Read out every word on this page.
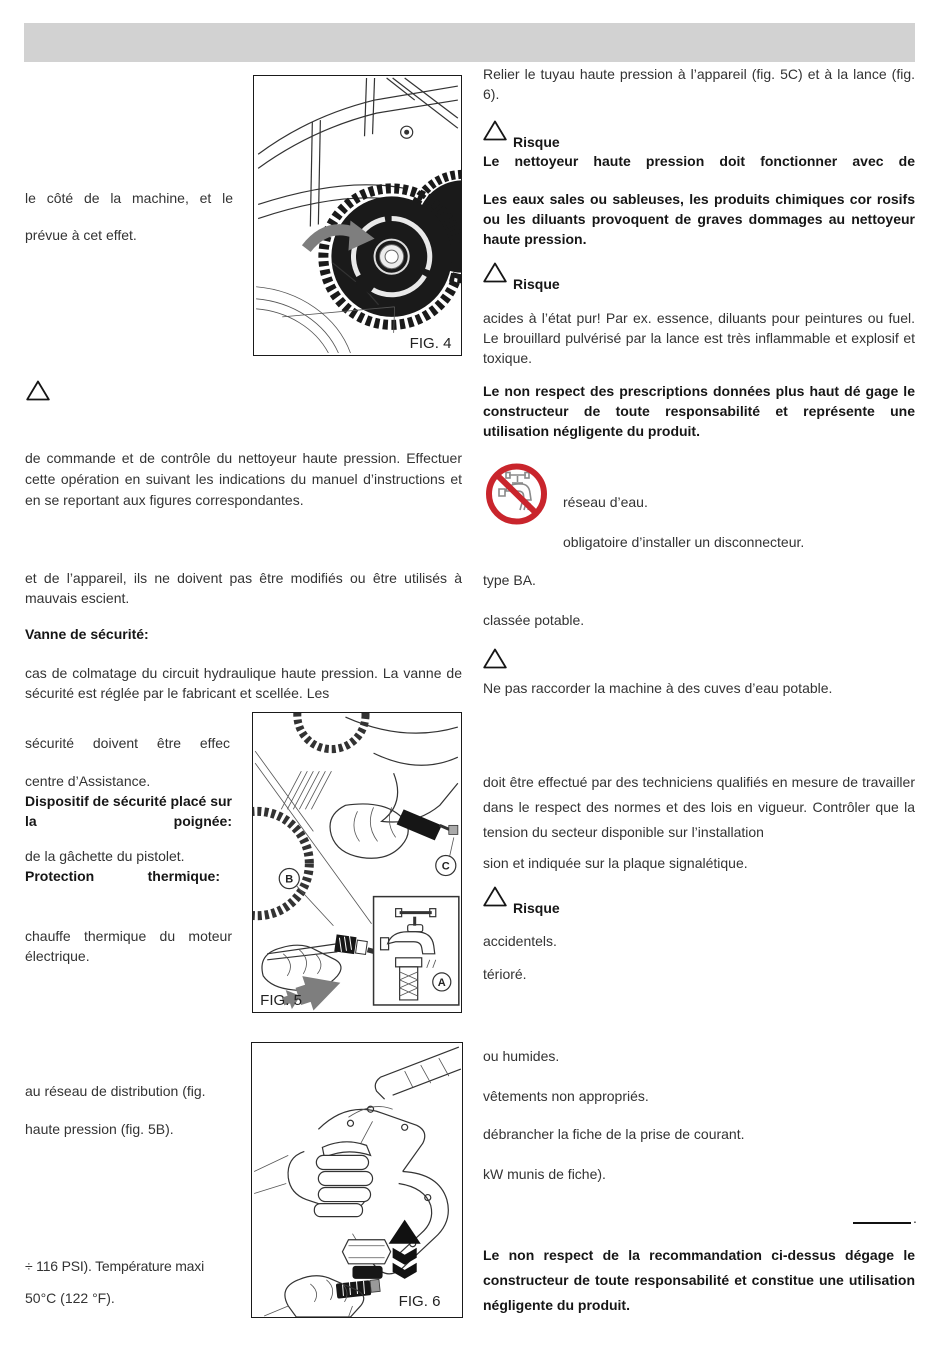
le côté de la machine, et le
prévue à cet effet.
de commande et de contrôle du nettoyeur haute pression. Effectuer cette opération en suivant les indications du manuel d’instructions et en se reportant aux figures correspondantes.
et de l’appareil, ils ne doivent pas être modifiés ou être utilisés à mauvais escient.
Vanne de sécurité:
cas de colmatage du circuit hydraulique haute pression. La vanne de sécurité est réglée par le fabricant et scellée. Les
sécurité doivent être effec
centre d’Assistance.
Dispositif de sécurité placé sur la poignée:
de la gâchette du pistolet.
Protection thermique:
chauffe thermique du moteur électrique.
au réseau de distribution (fig.
haute pression (fig. 5B).
÷ 116 PSI). Température maxi
50°C (122 °F).
Relier le tuyau haute pression à l’appareil (fig. 5C) et à la lance (fig. 6).
Risque
Le nettoyeur haute pression doit fonctionner avec de
Les eaux sales ou sableuses, les produits chimiques cor rosifs ou les diluants provoquent de graves dommages au nettoyeur haute pression.
Risque
acides à l’état pur! Par ex. essence, diluants pour peintures ou fuel. Le brouillard pulvérisé par la lance est très inflammable et explosif et toxique.
Le non respect des prescriptions données plus haut dé gage le constructeur de toute responsabilité et représente une utilisation négligente du produit.
réseau d’eau.
obligatoire d’installer un disconnecteur.
type BA.
classée potable.
Ne pas raccorder la machine à des cuves d’eau potable.
doit être effectué par des techniciens qualifiés en mesure de travailler dans le respect des normes et des lois en vigueur. Contrôler que la tension du secteur disponible sur l’installation
sion et indiquée sur la plaque signalétique.
Risque
accidentels.
térioré.
ou humides.
vêtements non appropriés.
débrancher la fiche de la prise de courant.
kW munis de fiche).
.
Le non respect de la recommandation ci-dessus dégage le constructeur de toute responsabilité et constitue une utilisation négligente du produit.
FIG. 4
C
B
A
FIG. 5
FIG. 6
